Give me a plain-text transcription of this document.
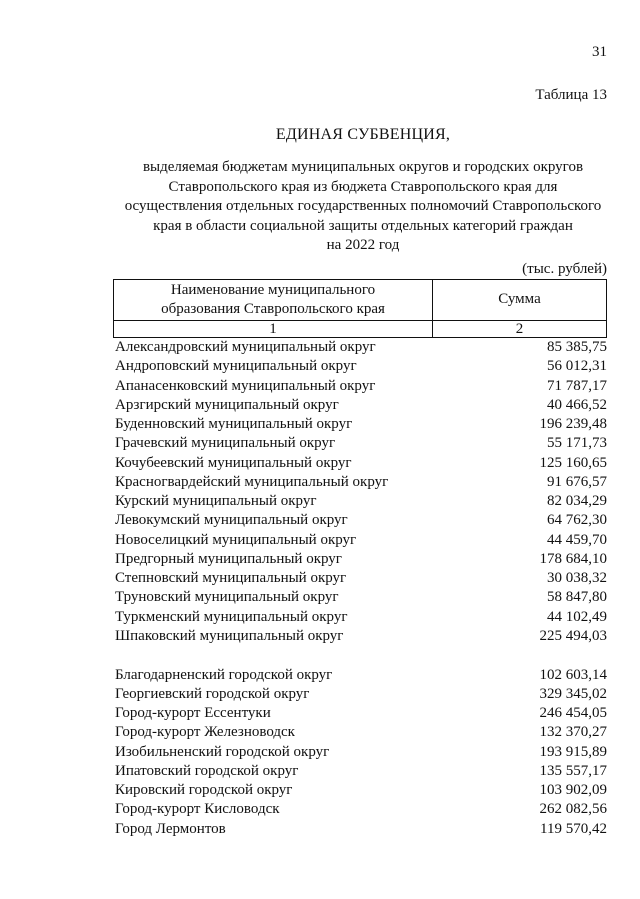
31
Таблица 13
ЕДИНАЯ СУБВЕНЦИЯ,
выделяемая бюджетам муниципальных округов и городских округов
Ставропольского края из бюджета Ставропольского края для
осуществления отдельных государственных полномочий Ставропольского
края в области социальной защиты отдельных категорий граждан
на 2022 год
(тыс. рублей)
Наименование муниципального
образования Ставропольского края
Сумма
1	2
Александровский муниципальный округ	85 385,75
Андроповский муниципальный округ	56 012,31
Апанасенковский муниципальный округ	71 787,17
Арзгирский муниципальный округ	40 466,52
Буденновский муниципальный округ	196 239,48
Грачевский муниципальный округ	55 171,73
Кочубеевский муниципальный округ	125 160,65
Красногвардейский муниципальный округ	91 676,57
Курский муниципальный округ	82 034,29
Левокумский муниципальный округ	64 762,30
Новоселицкий муниципальный округ	44 459,70
Предгорный муниципальный округ	178 684,10
Степновский муниципальный округ	30 038,32
Труновский муниципальный округ	58 847,80
Туркменский муниципальный округ	44 102,49
Шпаковский муниципальный округ	225 494,03
Благодарненский городской округ	102 603,14
Георгиевский городской округ	329 345,02
Город-курорт Ессентуки	246 454,05
Город-курорт Железноводск	132 370,27
Изобильненский городской округ	193 915,89
Ипатовский городской округ	135 557,17
Кировский городской округ	103 902,09
Город-курорт Кисловодск	262 082,56
Город Лермонтов	119 570,42
